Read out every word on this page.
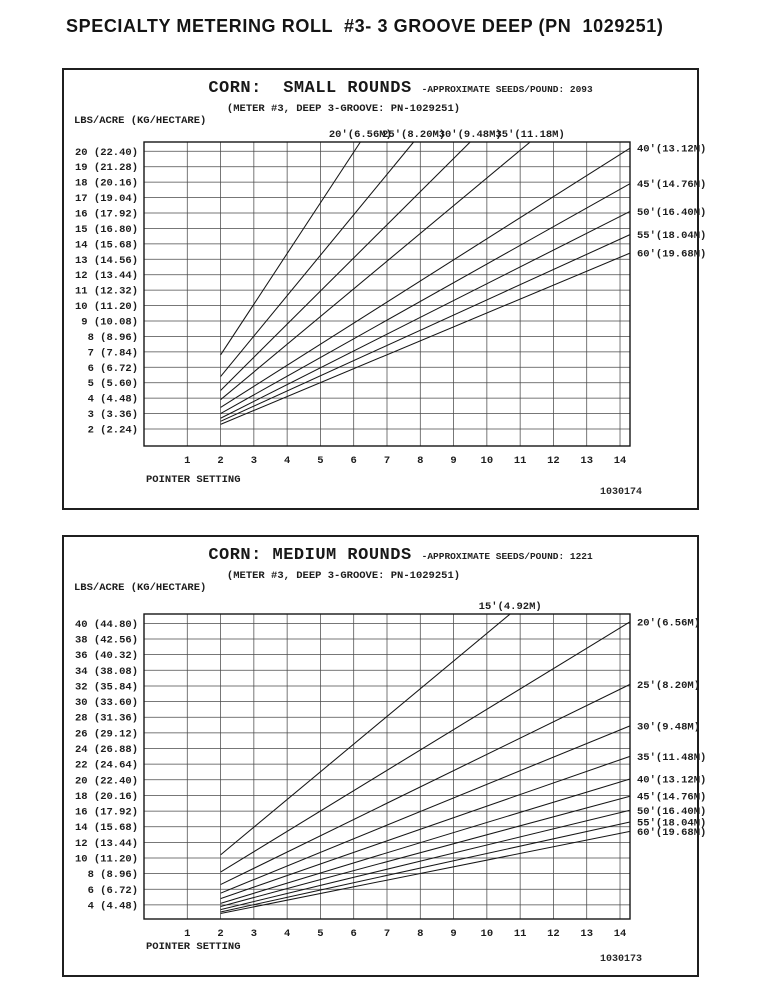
SPECIALTY METERING ROLL  #3- 3 GROOVE DEEP (PN  1029251)
CORN:  SMALL ROUNDS -APPROXIMATE SEEDS/POUND: 2093
(METER #3, DEEP 3-GROOVE: PN-1029251)
LBS/ACRE (KG/HECTARE)
20 (22.40)
19 (21.28)
18 (20.16)
17 (19.04)
16 (17.92)
15 (16.80)
14 (15.68)
13 (14.56)
12 (13.44)
11 (12.32)
10 (11.20)
9 (10.08)
8 (8.96)
7 (7.84)
6 (6.72)
5 (5.60)
4 (4.48)
3 (3.36)
2 (2.24)
1	2	3	4	5	6	7	8	9 10 11 12 13 14
20'(6.56M)
25'(8.20M)
30'(9.48M)
35'(11.18M)
40'(13.12M)
45'(14.76M)
50'(16.40M)
55'(18.04M)
60'(19.68M)
POINTER SETTING
1030174
CORN: MEDIUM ROUNDS -APPROXIMATE SEEDS/POUND: 1221
(METER #3, DEEP 3-GROOVE: PN-1029251)
LBS/ACRE (KG/HECTARE)
40 (44.80)
38 (42.56)
36 (40.32)
34 (38.08)
32 (35.84)
30 (33.60)
28 (31.36)
26 (29.12)
24 (26.88)
22 (24.64)
20 (22.40)
18 (20.16)
16 (17.92)
14 (15.68)
12 (13.44)
10 (11.20)
8 (8.96)
6 (6.72)
4 (4.48)
1	2	3	4	5	6	7	8	9 10 11 12 13 14
15'(4.92M)
20'(6.56M)
25'(8.20M)
30'(9.48M)
35'(11.48M)
40'(13.12M)
45'(14.76M)
50'(16.40M)
55'(18.04M)
60'(19.68M)
POINTER SETTING
1030173
